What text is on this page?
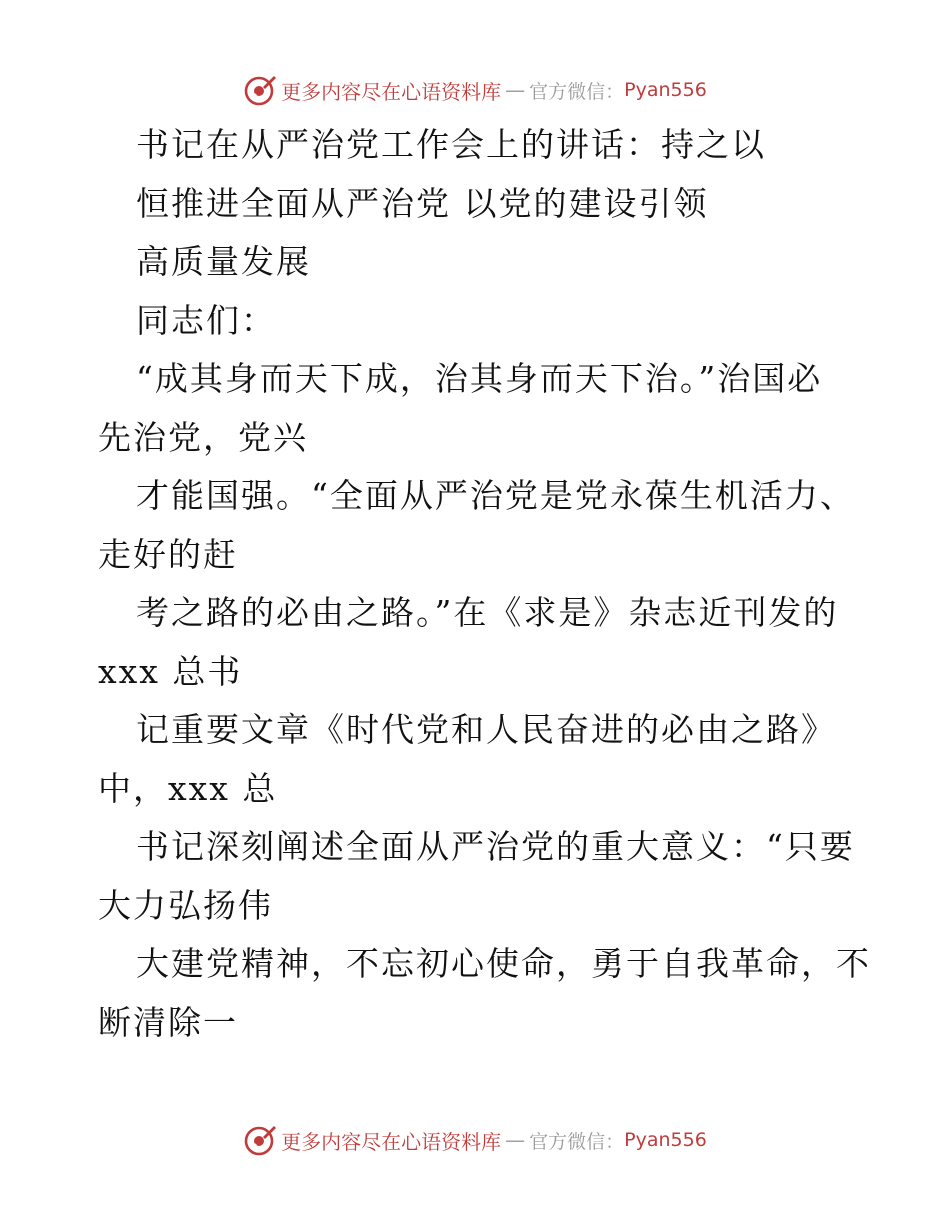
更多内容尽在心语资料库 — 官方微信： Pyan556
书记在从严治党工作会上的讲话：持之以
恒推进全面从严治党 以党的建设引领
高质量发展
同志们：
“成其身而天下成，治其身而天下治。”治国必
先治党，党兴
才能国强。“全面从严治党是党永葆生机活力、
走好的赶
考之路的必由之路。”在《求是》杂志近刊发的
xxx 总书
记重要文章《时代党和人民奋进的必由之路》
中，xxx 总
书记深刻阐述全面从严治党的重大意义：“只要
大力弘扬伟
大建党精神，不忘初心使命，勇于自我革命，不
断清除一
更多内容尽在心语资料库 — 官方微信： Pyan556
